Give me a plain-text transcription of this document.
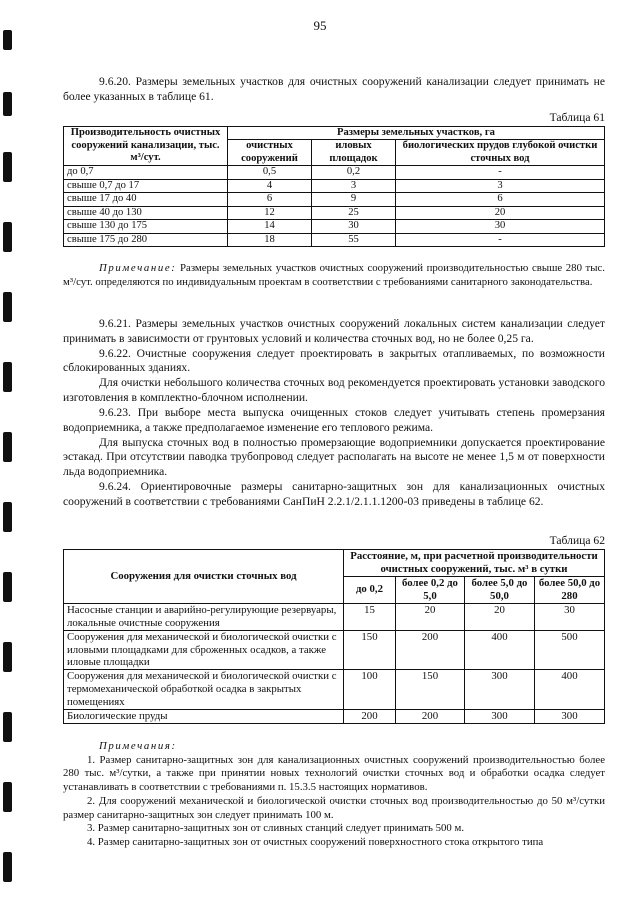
95

9.6.20. Размеры земельных участков для очистных сооружений канализации следует принимать не более указанных в таблице 61.

Таблица 61
Производительность очистных сооружений канализации, тыс. м³/сут.	Размеры земельных участков, га		
	очистных сооружений	иловых площадок	биологических прудов глубокой очистки сточных вод
до 0,7	0,5	0,2	-
свыше 0,7 до 17	4	3	3
свыше 17 до 40	6	9	6
свыше 40 до 130	12	25	20
свыше 130 до 175	14	30	30
свыше 175 до 280	18	55	-

Примечание: Размеры земельных участков очистных сооружений производительностью свыше 280 тыс. м³/сут. определяются по индивидуальным проектам в соответствии с требованиями санитарного законодательства.

9.6.21. Размеры земельных участков очистных сооружений локальных систем канализации следует принимать в зависимости от грунтовых условий и количества сточных вод, но не более 0,25 га.

9.6.22. Очистные сооружения следует проектировать в закрытых отапливаемых, по возможности сблокированных зданиях.

Для очистки небольшого количества сточных вод рекомендуется проектировать установки заводского изготовления в комплектно-блочном исполнении.

9.6.23. При выборе места выпуска очищенных стоков следует учитывать степень промерзания водоприемника, а также предполагаемое изменение его теплового режима.

Для выпуска сточных вод в полностью промерзающие водоприемники допускается проектирование эстакад. При отсутствии паводка трубопровод следует располагать на высоте не менее 1,5 м от поверхности льда водоприемника.

9.6.24. Ориентировочные размеры санитарно-защитных зон для канализационных очистных сооружений в соответствии с требованиями СанПиН 2.2.1/2.1.1.1200-03 приведены в таблице 62.

Таблица 62
Сооружения для очистки сточных вод	Расстояние, м, при расчетной производительности очистных сооружений, тыс. м³ в сутки			
	до 0,2	более 0,2 до 5,0	более 5,0 до 50,0	более 50,0 до 280
Насосные станции и аварийно-регулирующие резервуары, локальные очистные сооружения	15	20	20	30
Сооружения для механической и биологической очистки с иловыми площадками для сброженных осадков, а также иловые площадки	150	200	400	500
Сооружения для механической и биологической очистки с термомеханической обработкой осадка в закрытых помещениях	100	150	300	400
Биологические пруды	200	200	300	300

Примечания:

1. Размер санитарно-защитных зон для канализационных очистных сооружений производительностью более 280 тыс. м³/сутки, а также при принятии новых технологий очистки сточных вод и обработки осадка следует устанавливать в соответствии с требованиями п. 15.3.5 настоящих нормативов.

2. Для сооружений механической и биологической очистки сточных вод производительностью до 50 м³/сутки размер санитарно-защитных зон следует принимать 100 м.

3. Размер санитарно-защитных зон от сливных станций следует принимать 500 м.

4. Размер санитарно-защитных зон от очистных сооружений поверхностного стока открытого типа
